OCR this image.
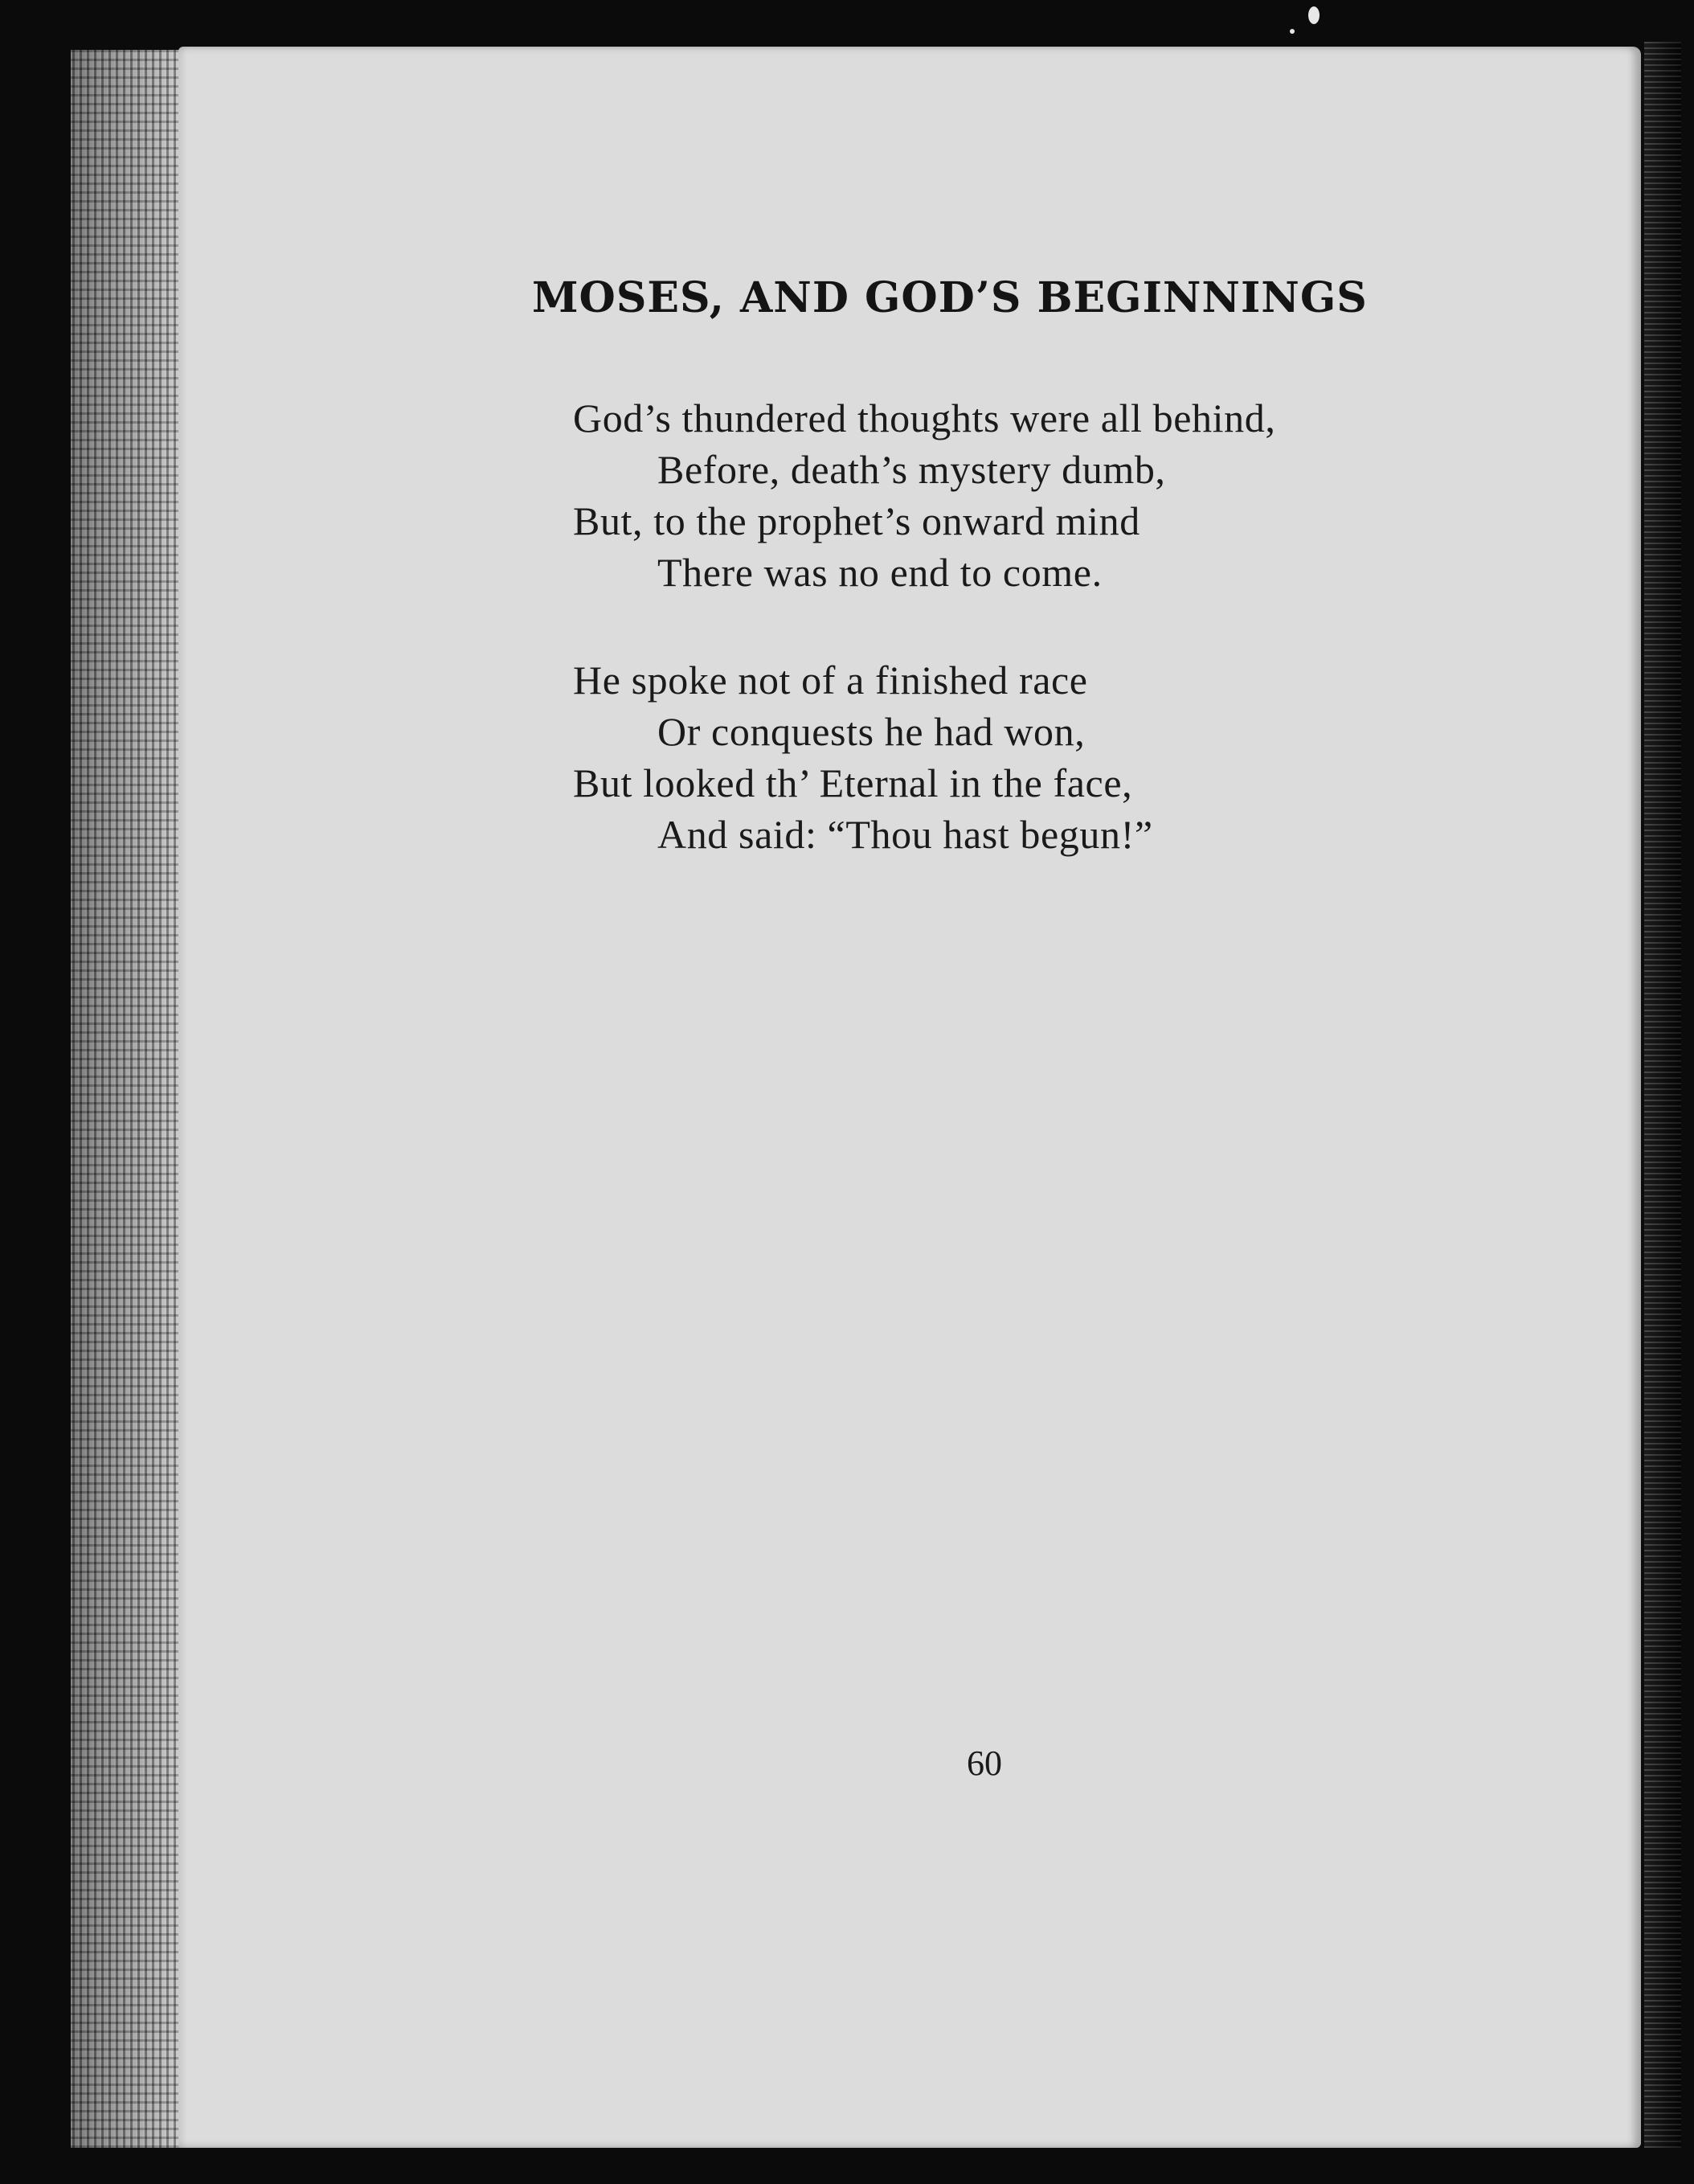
MOSES, AND GOD’S BEGINNINGS
God’s thundered thoughts were all behind,
Before, death’s mystery dumb,
But, to the prophet’s onward mind
There was no end to come.
He spoke not of a finished race
Or conquests he had won,
But looked th’ Eternal in the face,
And said: “Thou hast begun!”
60
